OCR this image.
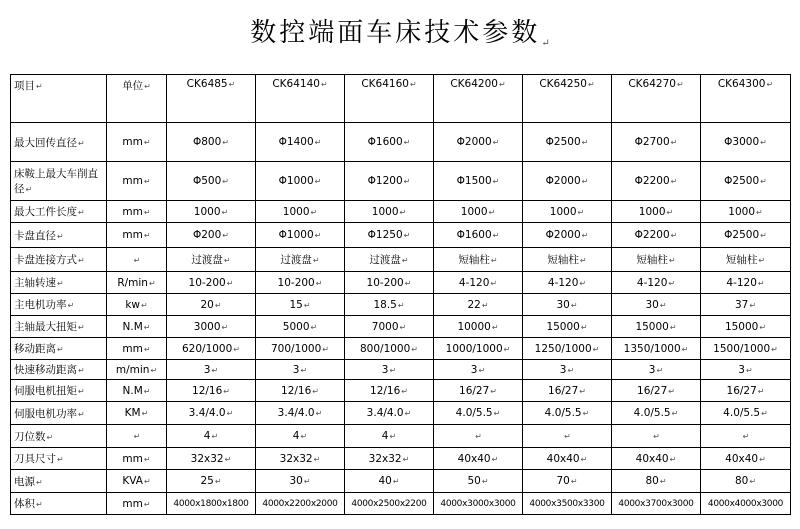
数控端面车床技术参数↵
项目↵	单位↵	CK6485↵	CK64140↵	CK64160↵	CK64200↵	CK64250↵	CK64270↵	CK64300↵
最大回传直径↵	mm↵	Φ800↵	Φ1400↵	Φ1600↵	Φ2000↵	Φ2500↵	Φ2700↵	Φ3000↵
床鞍上最大车削直径↵	mm↵	Φ500↵	Φ1000↵	Φ1200↵	Φ1500↵	Φ2000↵	Φ2200↵	Φ2500↵
最大工件长度↵	mm↵	1000↵	1000↵	1000↵	1000↵	1000↵	1000↵	1000↵
卡盘直径↵	mm↵	Φ200↵	Φ1000↵	Φ1250↵	Φ1600↵	Φ2000↵	Φ2200↵	Φ2500↵
卡盘连接方式↵	↵	过渡盘↵	过渡盘↵	过渡盘↵	短轴柱↵	短轴柱↵	短轴柱↵	短轴柱↵
主轴转速↵	R/min↵	10-200↵	10-200↵	10-200↵	4-120↵	4-120↵	4-120↵	4-120↵
主电机功率↵	kw↵	20↵	15↵	18.5↵	22↵	30↵	30↵	37↵
主轴最大扭矩↵	N.M↵	3000↵	5000↵	7000↵	10000↵	15000↵	15000↵	15000↵
移动距离↵	mm↵	620/1000↵	700/1000↵	800/1000↵	1000/1000↵	1250/1000↵	1350/1000↵	1500/1000↵
快速移动距离↵	m/min↵	3↵	3↵	3↵	3↵	3↵	3↵	3↵
伺服电机扭矩↵	N.M↵	12/16↵	12/16↵	12/16↵	16/27↵	16/27↵	16/27↵	16/27↵
伺服电机功率↵	KM↵	3.4/4.0↵	3.4/4.0↵	3.4/4.0↵	4.0/5.5↵	4.0/5.5↵	4.0/5.5↵	4.0/5.5↵
刀位数↵	↵	4↵	4↵	4↵	↵	↵	↵	↵
刀具尺寸↵	mm↵	32x32↵	32x32↵	32x32↵	40x40↵	40x40↵	40x40↵	40x40↵
电源↵	KVA↵	25↵	30↵	40↵	50↵	70↵	80↵	80↵
体积↵	mm↵	4000x1800x1800	4000x2200x2000	4000x2500x2200	4000x3000x3000	4000x3500x3300	4000x3700x3000	4000x4000x3000
